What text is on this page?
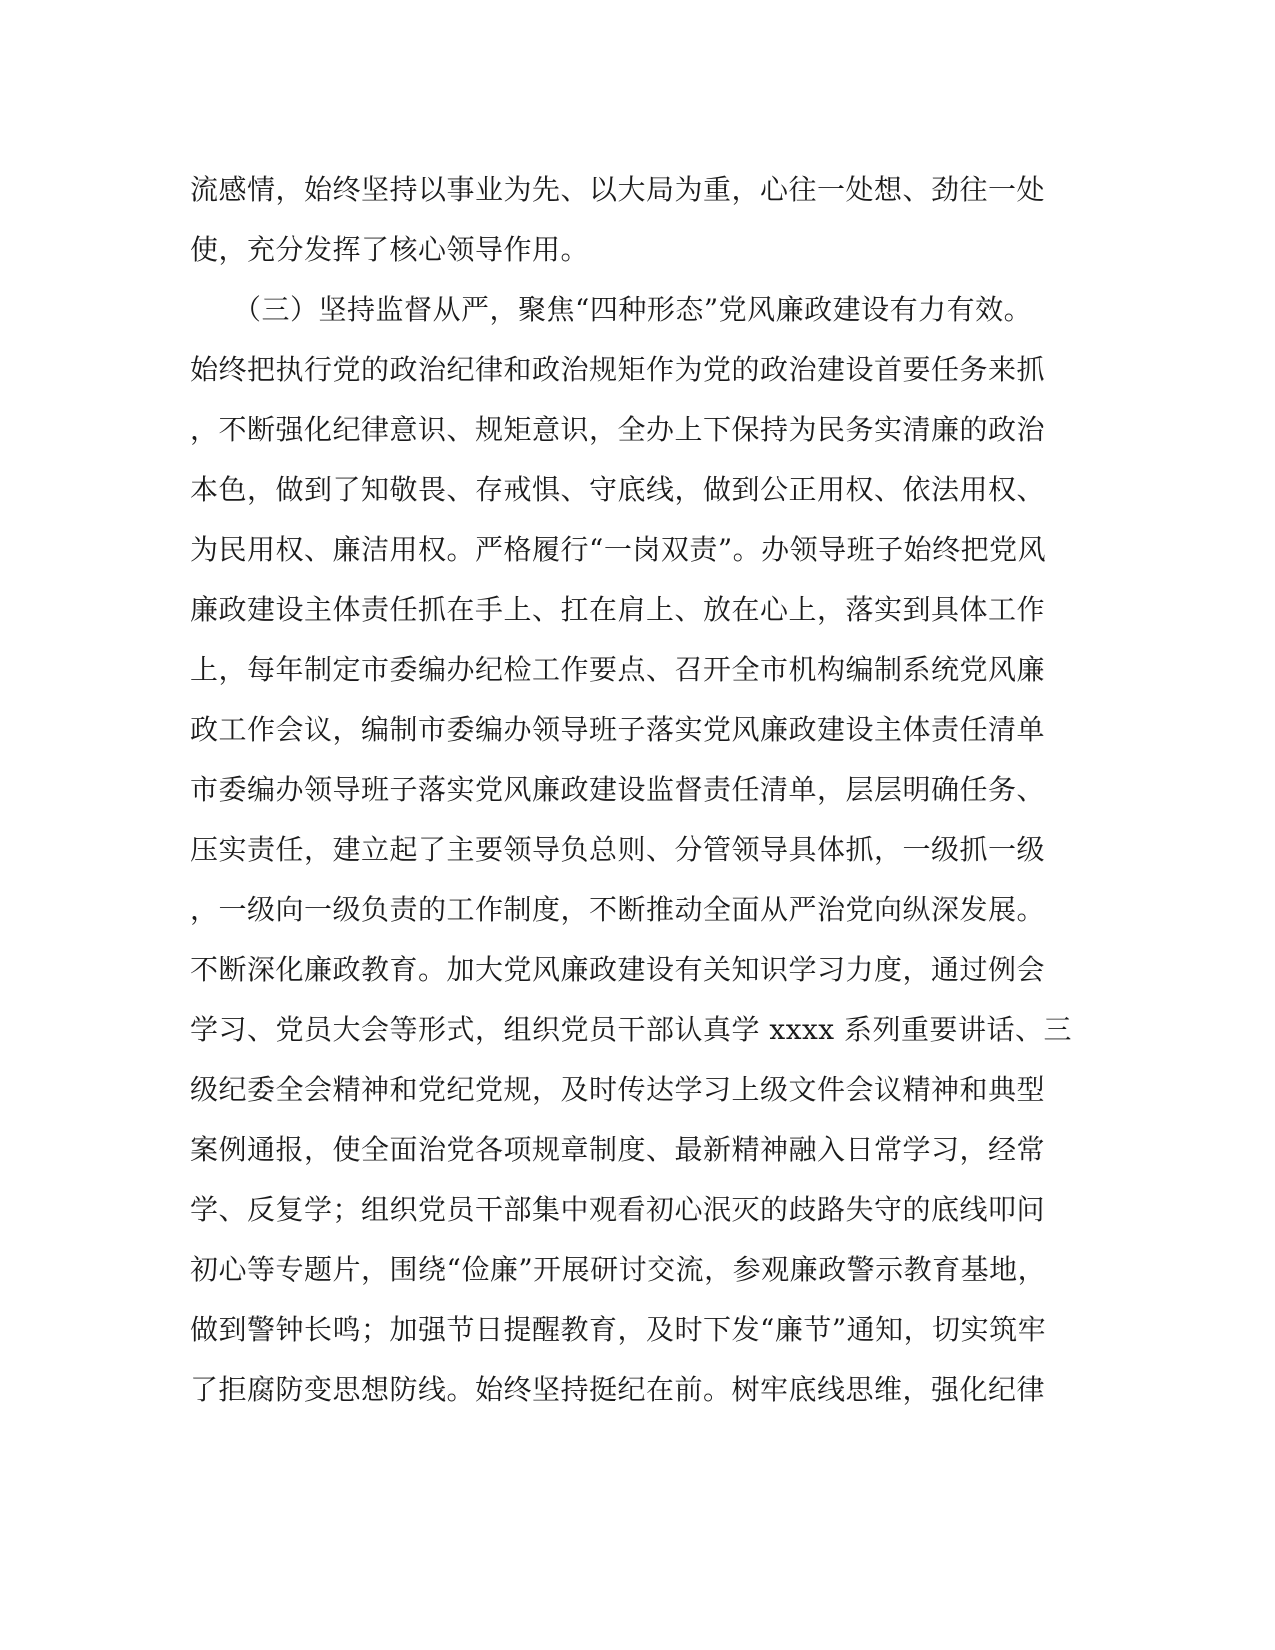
流感情，始终坚持以事业为先、以大局为重，心往一处想、劲往一处
使，充分发挥了核心领导作用。
　　（三）坚持监督从严，聚焦“四种形态”党风廉政建设有力有效。
始终把执行党的政治纪律和政治规矩作为党的政治建设首要任务来抓
，不断强化纪律意识、规矩意识，全办上下保持为民务实清廉的政治
本色，做到了知敬畏、存戒惧、守底线，做到公正用权、依法用权、
为民用权、廉洁用权。严格履行“一岗双责”。办领导班子始终把党风
廉政建设主体责任抓在手上、扛在肩上、放在心上，落实到具体工作
上，每年制定市委编办纪检工作要点、召开全市机构编制系统党风廉
政工作会议，编制市委编办领导班子落实党风廉政建设主体责任清单
市委编办领导班子落实党风廉政建设监督责任清单，层层明确任务、
压实责任，建立起了主要领导负总则、分管领导具体抓，一级抓一级
，一级向一级负责的工作制度，不断推动全面从严治党向纵深发展。
不断深化廉政教育。加大党风廉政建设有关知识学习力度，通过例会
学习、党员大会等形式，组织党员干部认真学 xxxx 系列重要讲话、三
级纪委全会精神和党纪党规，及时传达学习上级文件会议精神和典型
案例通报，使全面治党各项规章制度、最新精神融入日常学习，经常
学、反复学；组织党员干部集中观看初心泯灭的歧路失守的底线叩问
初心等专题片，围绕“俭廉”开展研讨交流，参观廉政警示教育基地，
做到警钟长鸣；加强节日提醒教育，及时下发“廉节”通知，切实筑牢
了拒腐防变思想防线。始终坚持挺纪在前。树牢底线思维，强化纪律
